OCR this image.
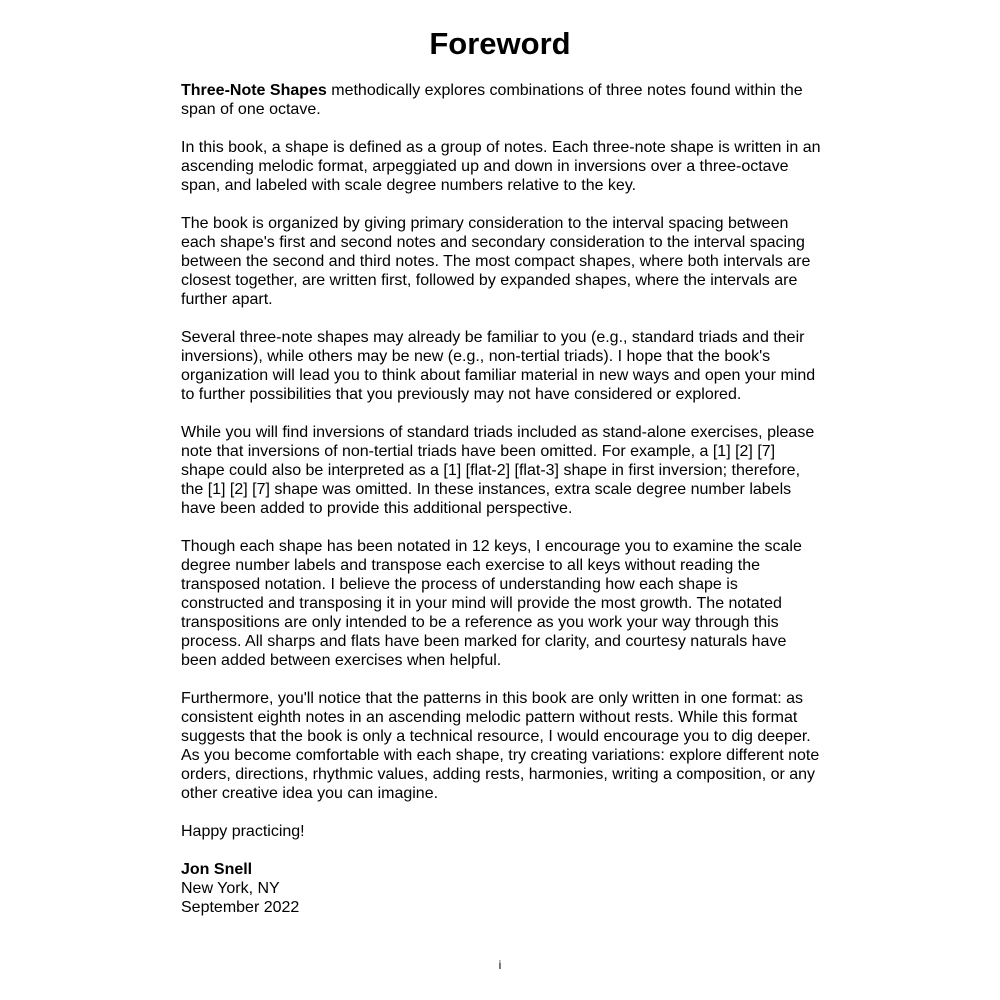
Foreword

Three-Note Shapes methodically explores combinations of three notes found within the span of one octave.

In this book, a shape is defined as a group of notes. Each three-note shape is written in an ascending melodic format, arpeggiated up and down in inversions over a three-octave span, and labeled with scale degree numbers relative to the key.

The book is organized by giving primary consideration to the interval spacing between each shape's first and second notes and secondary consideration to the interval spacing between the second and third notes. The most compact shapes, where both intervals are closest together, are written first, followed by expanded shapes, where the intervals are further apart.

Several three-note shapes may already be familiar to you (e.g., standard triads and their inversions), while others may be new (e.g., non-tertial triads). I hope that the book's organization will lead you to think about familiar material in new ways and open your mind to further possibilities that you previously may not have considered or explored.

While you will find inversions of standard triads included as stand-alone exercises, please note that inversions of non-tertial triads have been omitted. For example, a [1] [2] [7] shape could also be interpreted as a [1] [flat-2] [flat-3] shape in first inversion; therefore, the [1] [2] [7] shape was omitted. In these instances, extra scale degree number labels have been added to provide this additional perspective.

Though each shape has been notated in 12 keys, I encourage you to examine the scale degree number labels and transpose each exercise to all keys without reading the transposed notation. I believe the process of understanding how each shape is constructed and transposing it in your mind will provide the most growth. The notated transpositions are only intended to be a reference as you work your way through this process. All sharps and flats have been marked for clarity, and courtesy naturals have been added between exercises when helpful.

Furthermore, you'll notice that the patterns in this book are only written in one format: as consistent eighth notes in an ascending melodic pattern without rests. While this format suggests that the book is only a technical resource, I would encourage you to dig deeper. As you become comfortable with each shape, try creating variations: explore different note orders, directions, rhythmic values, adding rests, harmonies, writing a composition, or any other creative idea you can imagine.

Happy practicing!

Jon Snell

New York, NY

September 2022

i
